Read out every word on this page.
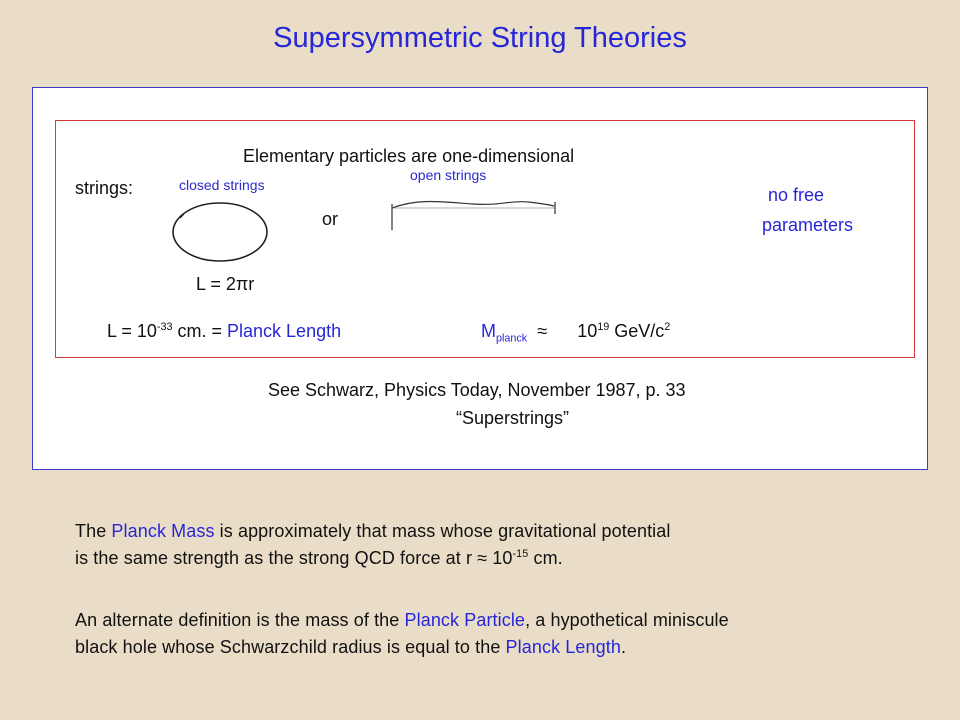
Supersymmetric String Theories
Elementary particles are one-dimensional
strings:	closed strings
open strings
or
no free
parameters
L = 2πr
$L = 10^{-33}$ cm. = Planck Length	$M_{planck} \approx 10^{19}$ GeV/$c^2$
See Schwarz, Physics Today, November 1987, p. 33
“Superstrings”
The Planck Mass is approximately that mass whose gravitational potential
is the same strength as the strong QCD force at $r \approx 10^{-15}$ cm.
An alternate definition is the mass of the Planck Particle, a hypothetical miniscule
black hole whose Schwarzchild radius is equal to the Planck Length.
